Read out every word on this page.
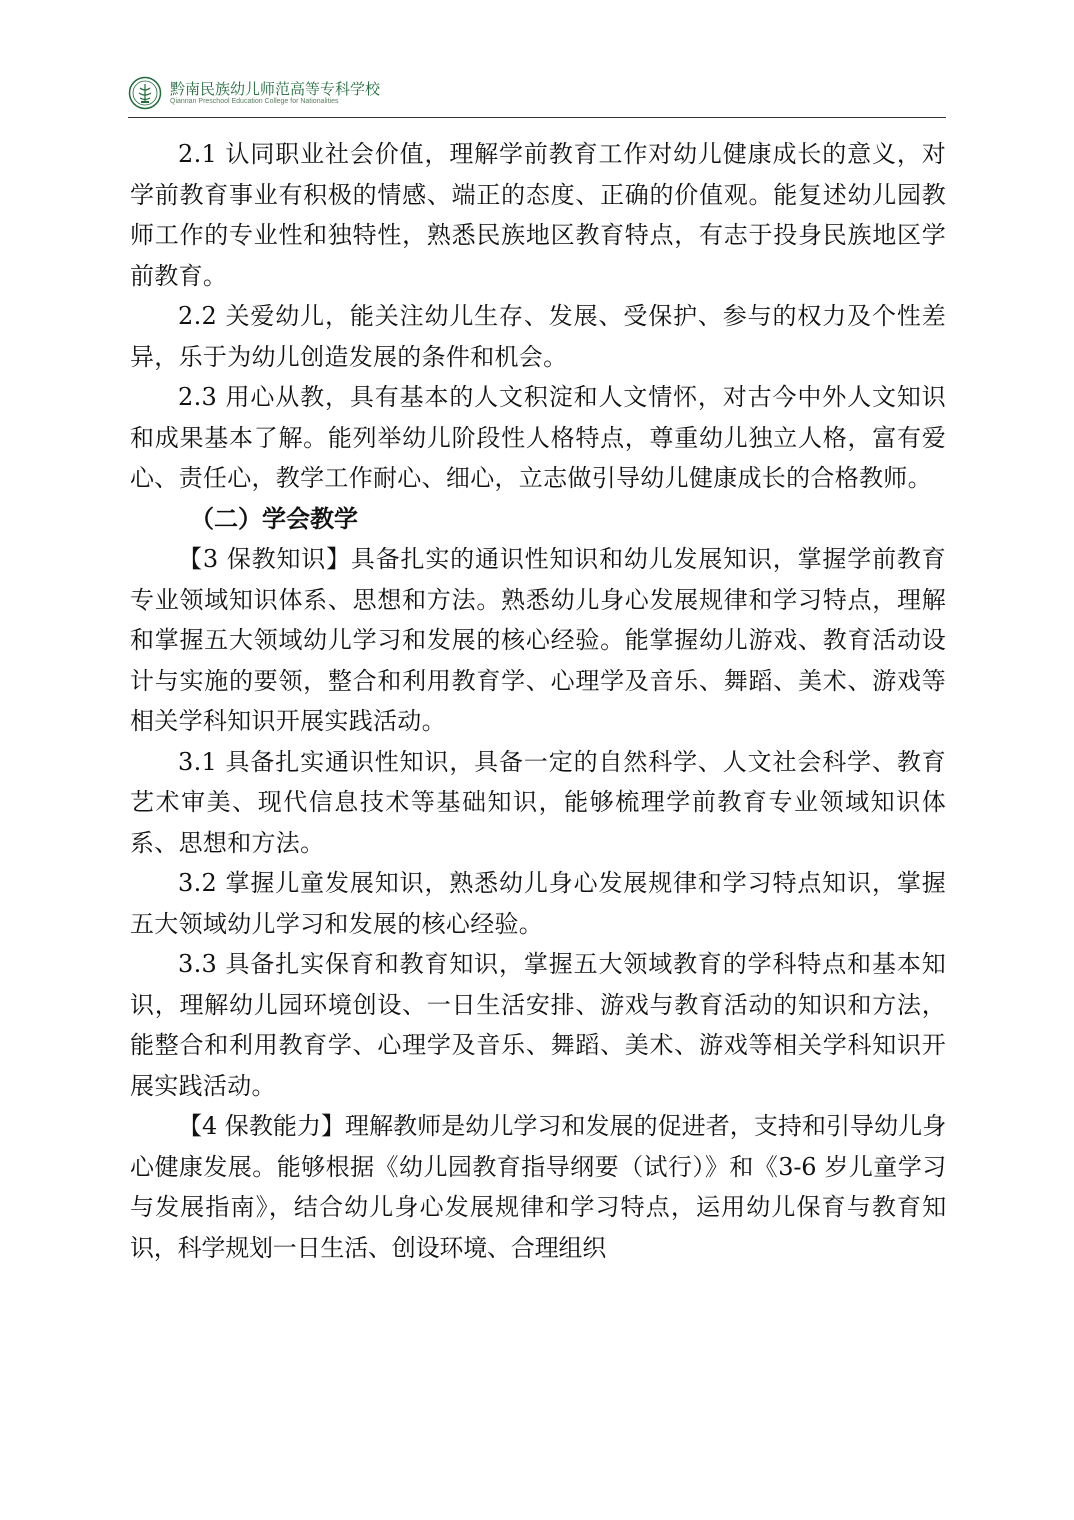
黔南民族幼儿师范高等专科学校
Qiannan Preschool Education College for Nationalities

2.1 认同职业社会价值，理解学前教育工作对幼儿健康成长的意义，对学前教育事业有积极的情感、端正的态度、正确的价值观。能复述幼儿园教师工作的专业性和独特性，熟悉民族地区教育特点，有志于投身民族地区学前教育。

2.2 关爱幼儿，能关注幼儿生存、发展、受保护、参与的权力及个性差异，乐于为幼儿创造发展的条件和机会。

2.3 用心从教，具有基本的人文积淀和人文情怀，对古今中外人文知识和成果基本了解。能列举幼儿阶段性人格特点，尊重幼儿独立人格，富有爱心、责任心，教学工作耐心、细心，立志做引导幼儿健康成长的合格教师。

（二）学会教学

【3 保教知识】具备扎实的通识性知识和幼儿发展知识，掌握学前教育专业领域知识体系、思想和方法。熟悉幼儿身心发展规律和学习特点，理解和掌握五大领域幼儿学习和发展的核心经验。能掌握幼儿游戏、教育活动设计与实施的要领，整合和利用教育学、心理学及音乐、舞蹈、美术、游戏等相关学科知识开展实践活动。

3.1 具备扎实通识性知识，具备一定的自然科学、人文社会科学、教育艺术审美、现代信息技术等基础知识，能够梳理学前教育专业领域知识体系、思想和方法。

3.2 掌握儿童发展知识，熟悉幼儿身心发展规律和学习特点知识，掌握五大领域幼儿学习和发展的核心经验。

3.3 具备扎实保育和教育知识，掌握五大领域教育的学科特点和基本知识，理解幼儿园环境创设、一日生活安排、游戏与教育活动的知识和方法，能整合和利用教育学、心理学及音乐、舞蹈、美术、游戏等相关学科知识开展实践活动。

【4 保教能力】理解教师是幼儿学习和发展的促进者，支持和引导幼儿身心健康发展。能够根据《幼儿园教育指导纲要（试行）》和《3-6 岁儿童学习与发展指南》，结合幼儿身心发展规律和学习特点，运用幼儿保育与教育知识，科学规划一日生活、创设环境、合理组织
